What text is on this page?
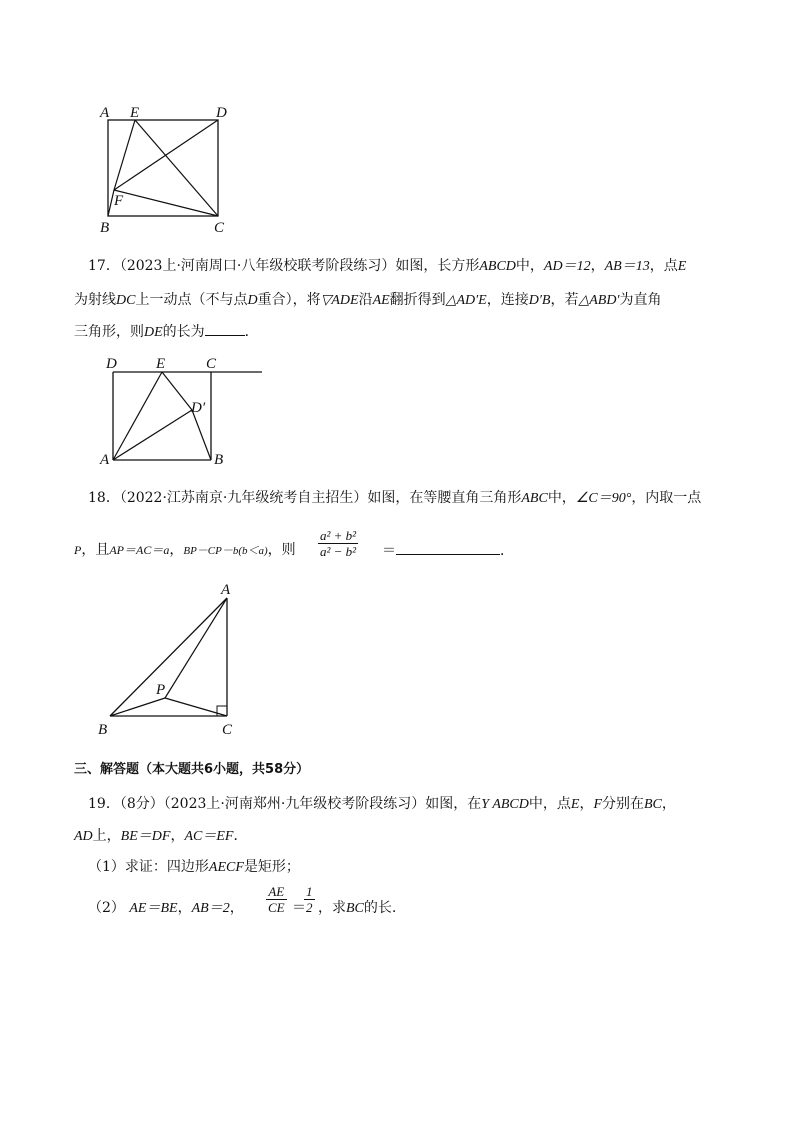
A E	D
F
B	C
17．（2023上·河南周口·八年级校联考阶段练习）如图，长方形ABCD中，AD＝12，AB＝13，点E
为射线DC上一动点（不与点D重合），将▽ADE沿AE翻折得到△AD′E，连接D′B，若△ABD′为直角
三角形，则DE的长为	．
D	E	C
D′
A	B
18．（2022·江苏南京·九年级统考自主招生）如图，在等腰直角三角形ABC中，∠C＝90°，内取一点
P，且AP＝AC＝a，BP－CP－b(b＜a)，则 $\frac{\text{a² + b²}}{\text{a² − b²}}$ ＝	．
A
P
B	C
三、解答题（本大题共6小题，共58分）
19．（8分）（2023上·河南郑州·九年级校考阶段练习）如图，在Y ABCD中，点E，F分别在BC，
AD上，BE＝DF，AC＝EF．
（1）求证：四边形AECF是矩形；
（2） AE＝BE，AB＝2， $\frac{AE}{CE}$ ＝
$\frac{1}{2}$ ，求BC的长.
